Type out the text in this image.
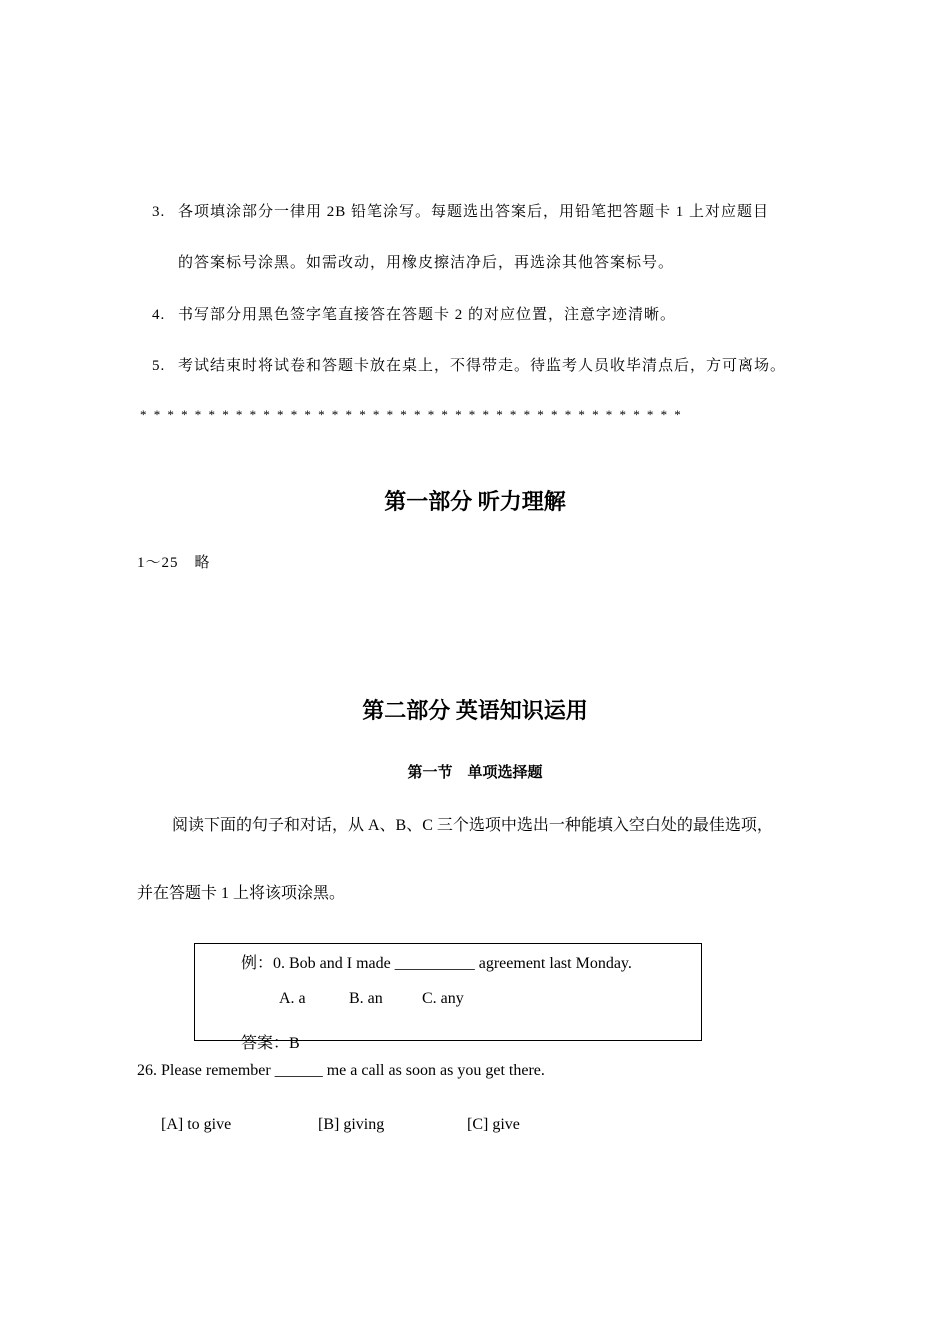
3. 各项填涂部分一律用 2B 铅笔涂写。每题选出答案后，用铅笔把答题卡 1 上对应题目
的答案标号涂黑。如需改动，用橡皮擦洁净后，再选涂其他答案标号。
4. 书写部分用黑色签字笔直接答在答题卡 2 的对应位置，注意字迹清晰。
5. 考试结束时将试卷和答题卡放在桌上，不得带走。待监考人员收毕清点后，方可离场。
****************************************
第一部分 听力理解
1～25　略
第二部分 英语知识运用
第一节　单项选择题
阅读下面的句子和对话，从 A、B、C 三个选项中选出一种能填入空白处的最佳选项，
并在答题卡 1 上将该项涂黑。
例：0. Bob and I made __________ agreement last Monday.
A. a	B. an C. any
答案：B
26. Please remember ______ me a call as soon as you get there.
[A] to give	[B] giving	[C] give
